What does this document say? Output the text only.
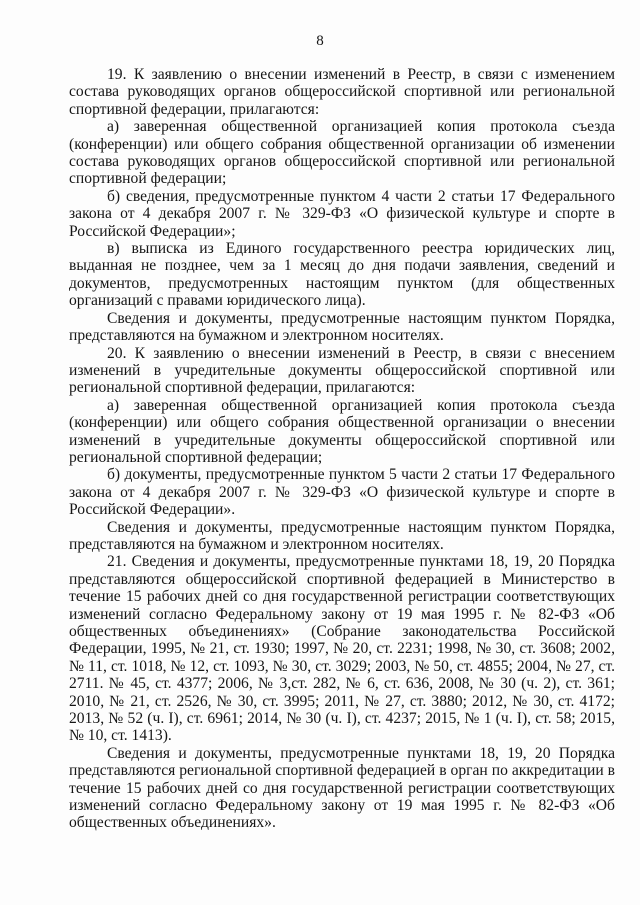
8

19. К заявлению о внесении изменений в Реестр, в связи с изменением состава руководящих органов общероссийской спортивной или региональной спортивной федерации, прилагаются:

а) заверенная общественной организацией копия протокола съезда (конференции) или общего собрания общественной организации об изменении состава руководящих органов общероссийской спортивной или региональной спортивной федерации;

б) сведения, предусмотренные пунктом 4 части 2 статьи 17 Федерального закона от 4 декабря 2007 г. № 329-ФЗ «О физической культуре и спорте в Российской Федерации»;

в) выписка из Единого государственного реестра юридических лиц, выданная не позднее, чем за 1 месяц до дня подачи заявления, сведений и документов, предусмотренных настоящим пунктом (для общественных организаций с правами юридического лица).

Сведения и документы, предусмотренные настоящим пунктом Порядка, представляются на бумажном и электронном носителях.

20. К заявлению о внесении изменений в Реестр, в связи с внесением изменений в учредительные документы общероссийской спортивной или региональной спортивной федерации, прилагаются:

а) заверенная общественной организацией копия протокола съезда (конференции) или общего собрания общественной организации о внесении изменений в учредительные документы общероссийской спортивной или региональной спортивной федерации;

б) документы, предусмотренные пунктом 5 части 2 статьи 17 Федерального закона от 4 декабря 2007 г. № 329-ФЗ «О физической культуре и спорте в Российской Федерации».

Сведения и документы, предусмотренные настоящим пунктом Порядка, представляются на бумажном и электронном носителях.

21. Сведения и документы, предусмотренные пунктами 18, 19, 20 Порядка представляются общероссийской спортивной федерацией в Министерство в течение 15 рабочих дней со дня государственной регистрации соответствующих изменений согласно Федеральному закону от 19 мая 1995 г. № 82-ФЗ «Об общественных объединениях» (Собрание законодательства Российской Федерации, 1995, № 21, ст. 1930; 1997, № 20, ст. 2231; 1998, № 30, ст. 3608; 2002, № 11, ст. 1018, № 12, ст. 1093, № 30, ст. 3029; 2003, № 50, ст. 4855; 2004, № 27, ст. 2711. № 45, ст. 4377; 2006, № 3,ст. 282, № 6, ст. 636, 2008, № 30 (ч. 2), ст. 361; 2010, № 21, ст. 2526, № 30, ст. 3995; 2011, № 27, ст. 3880; 2012, № 30, ст. 4172; 2013, № 52 (ч. I), ст. 6961; 2014, № 30 (ч. I), ст. 4237; 2015, № 1 (ч. I), ст. 58; 2015, № 10, ст. 1413).

Сведения и документы, предусмотренные пунктами 18, 19, 20 Порядка представляются региональной спортивной федерацией в орган по аккредитации в течение 15 рабочих дней со дня государственной регистрации соответствующих изменений согласно Федеральному закону от 19 мая 1995 г. № 82-ФЗ «Об общественных объединениях».
